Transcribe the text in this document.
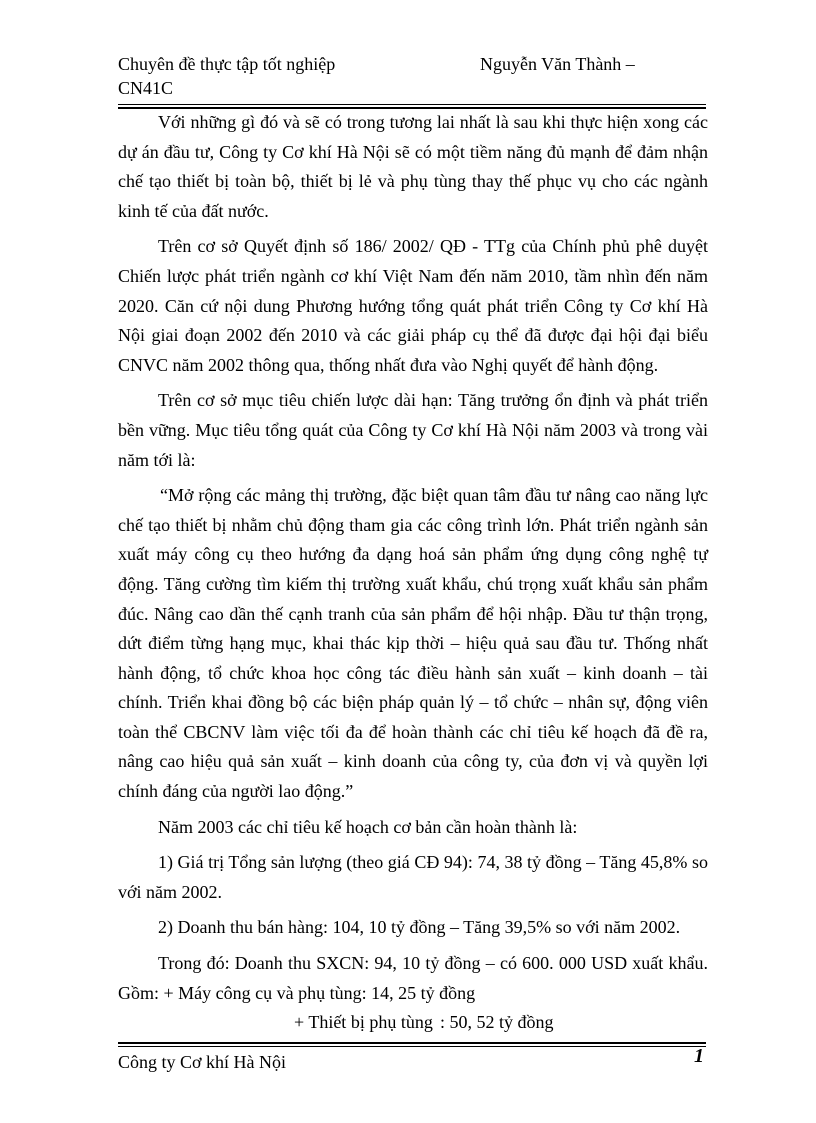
Chuyên đề thực tập tốt nghiệp	Nguyễn Văn Thành –
CN41C

Với những gì đó và sẽ có trong tương lai nhất là sau khi thực hiện xong các dự án đầu tư, Công ty Cơ khí Hà Nội sẽ có một tiềm năng đủ mạnh để đảm nhận chế tạo thiết bị toàn bộ, thiết bị lẻ và phụ tùng thay thế phục vụ cho các ngành kinh tế của đất nước.

Trên cơ sở Quyết định số 186/ 2002/ QĐ - TTg của Chính phủ phê duyệt Chiến lược phát triển ngành cơ khí Việt Nam đến năm 2010, tầm nhìn đến năm 2020. Căn cứ nội dung Phương hướng tổng quát phát triển Công ty Cơ khí Hà Nội giai đoạn 2002 đến 2010 và các giải pháp cụ thể đã được đại hội đại biểu CNVC năm 2002 thông qua, thống nhất đưa vào Nghị quyết để hành động.

Trên cơ sở mục tiêu chiến lược dài hạn: Tăng trưởng ổn định và phát triển bền vững. Mục tiêu tổng quát của Công ty Cơ khí Hà Nội năm 2003 và trong vài năm tới là:

“Mở rộng các mảng thị trường, đặc biệt quan tâm đầu tư nâng cao năng lực chế tạo thiết bị nhằm chủ động tham gia các công trình lớn. Phát triển ngành sản xuất máy công cụ theo hướng đa dạng hoá sản phẩm ứng dụng công nghệ tự động. Tăng cường tìm kiếm thị trường xuất khẩu, chú trọng xuất khẩu sản phẩm đúc. Nâng cao dần thế cạnh tranh của sản phẩm để hội nhập. Đầu tư thận trọng, dứt điểm từng hạng mục, khai thác kịp thời – hiệu quả sau đầu tư. Thống nhất hành động, tổ chức khoa học công tác điều hành sản xuất – kinh doanh – tài chính. Triển khai đồng bộ các biện pháp quản lý – tổ chức – nhân sự, động viên toàn thể CBCNV làm việc tối đa để hoàn thành các chỉ tiêu kế hoạch đã đề ra, nâng cao hiệu quả sản xuất – kinh doanh của công ty, của đơn vị và quyền lợi chính đáng của người lao động.”

Năm 2003 các chỉ tiêu kế hoạch cơ bản cần hoàn thành là:

1) Giá trị Tổng sản lượng (theo giá CĐ 94): 74, 38 tỷ đồng – Tăng 45,8% so với năm 2002.

2) Doanh thu bán hàng: 104, 10 tỷ đồng – Tăng 39,5% so với năm 2002.

Trong đó: Doanh thu SXCN: 94, 10 tỷ đồng – có 600. 000 USD xuất khẩu. Gồm: + Máy công cụ và phụ tùng: 14, 25 tỷ đồng

+ Thiết bị phụ tùng : 50, 52 tỷ đồng

Công ty Cơ khí Hà Nội	1
